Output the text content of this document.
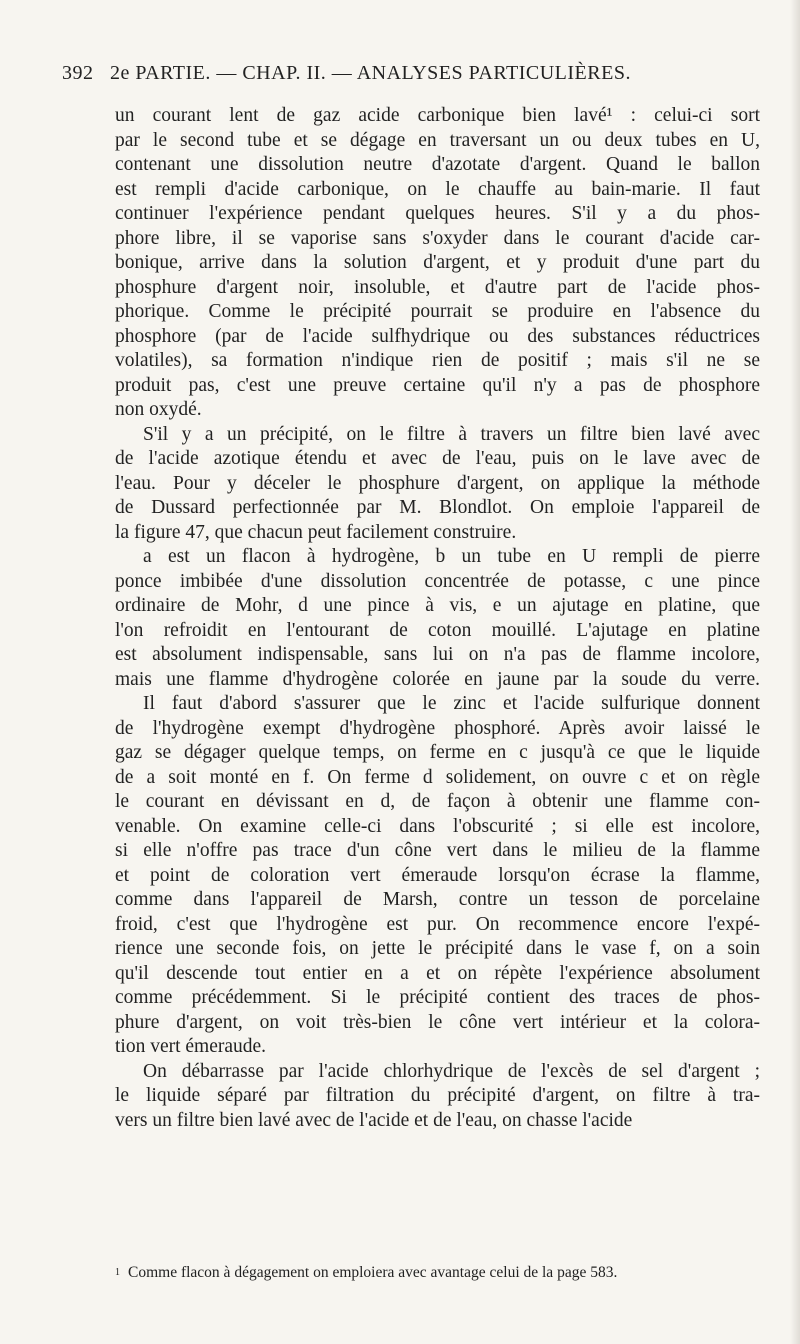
392 2e PARTIE. — CHAP. II. — ANALYSES PARTICULIÈRES.
un courant lent de gaz acide carbonique bien lavé¹ : celui-ci sort
par le second tube et se dégage en traversant un ou deux tubes en U,
contenant une dissolution neutre d'azotate d'argent. Quand le ballon
est rempli d'acide carbonique, on le chauffe au bain-marie. Il faut
continuer l'expérience pendant quelques heures. S'il y a du phos-
phore libre, il se vaporise sans s'oxyder dans le courant d'acide car-
bonique, arrive dans la solution d'argent, et y produit d'une part du
phosphure d'argent noir, insoluble, et d'autre part de l'acide phos-
phorique. Comme le précipité pourrait se produire en l'absence du
phosphore (par de l'acide sulfhydrique ou des substances réductrices
volatiles), sa formation n'indique rien de positif ; mais s'il ne se
produit pas, c'est une preuve certaine qu'il n'y a pas de phosphore
non oxydé.
S'il y a un précipité, on le filtre à travers un filtre bien lavé avec
de l'acide azotique étendu et avec de l'eau, puis on le lave avec de
l'eau. Pour y déceler le phosphure d'argent, on applique la méthode
de Dussard perfectionnée par M. Blondlot. On emploie l'appareil de
la figure 47, que chacun peut facilement construire.
a est un flacon à hydrogène, b un tube en U rempli de pierre
ponce imbibée d'une dissolution concentrée de potasse, c une pince
ordinaire de Mohr, d une pince à vis, e un ajutage en platine, que
l'on refroidit en l'entourant de coton mouillé. L'ajutage en platine
est absolument indispensable, sans lui on n'a pas de flamme incolore,
mais une flamme d'hydrogène colorée en jaune par la soude du verre.
Il faut d'abord s'assurer que le zinc et l'acide sulfurique donnent
de l'hydrogène exempt d'hydrogène phosphoré. Après avoir laissé le
gaz se dégager quelque temps, on ferme en c jusqu'à ce que le liquide
de a soit monté en f. On ferme d solidement, on ouvre c et on règle
le courant en dévissant en d, de façon à obtenir une flamme con-
venable. On examine celle-ci dans l'obscurité ; si elle est incolore,
si elle n'offre pas trace d'un cône vert dans le milieu de la flamme
et point de coloration vert émeraude lorsqu'on écrase la flamme,
comme dans l'appareil de Marsh, contre un tesson de porcelaine
froid, c'est que l'hydrogène est pur. On recommence encore l'expé-
rience une seconde fois, on jette le précipité dans le vase f, on a soin
qu'il descende tout entier en a et on répète l'expérience absolument
comme précédemment. Si le précipité contient des traces de phos-
phure d'argent, on voit très-bien le cône vert intérieur et la colora-
tion vert émeraude.
On débarrasse par l'acide chlorhydrique de l'excès de sel d'argent ;
le liquide séparé par filtration du précipité d'argent, on filtre à tra-
vers un filtre bien lavé avec de l'acide et de l'eau, on chasse l'acide
$^1$ Comme flacon à dégagement on emploiera avec avantage celui de la page 583.
